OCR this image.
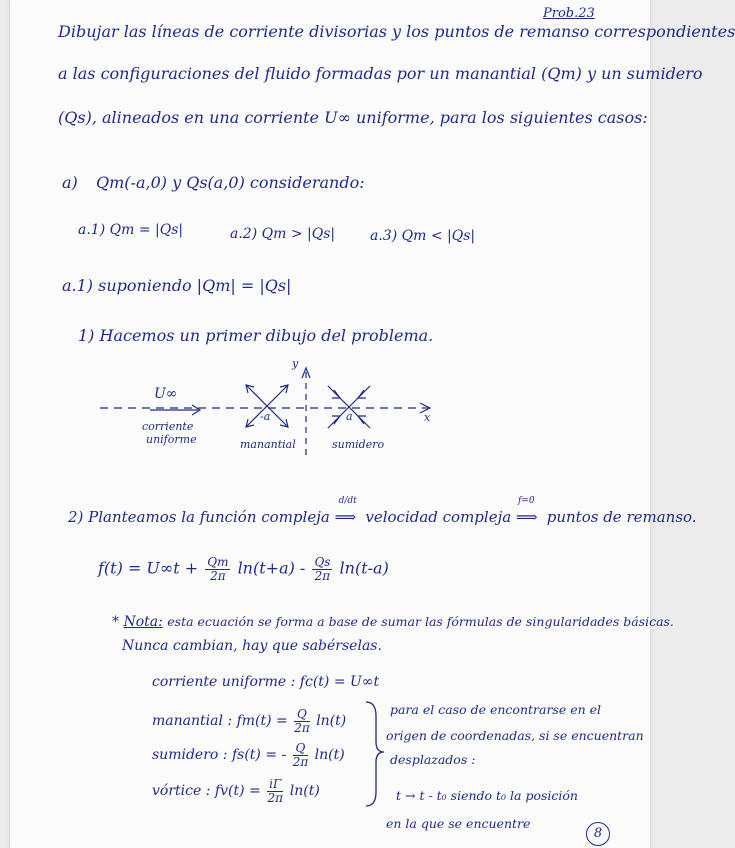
Prob.23
Dibujar las líneas de corriente divisorias y los puntos de remanso correspondientes
a las configuraciones del fluido formadas por un manantial (Qm) y un sumidero
(Qs), alineados en una corriente U∞ uniforme, para los siguientes casos:
a) Qm(-a,0) y Qs(a,0) considerando:
a.1) Qm = |Qs|	a.2) Qm > |Qs| a.3) Qm < |Qs|
a.1) suponiendo |Qm| = |Qs|
1) Hacemos un primer dibujo del problema.
U∞
corriente
uniforme
-a	a
manantial	sumidero
y
x
2) Planteamos la función compleja
d/dt
⟹ velocidad compleja
f=0
⟹ puntos de remanso.
$f(t) = U\infty t + \frac{Qm}{2\pi} \ln(t+a) - \frac{Qs}{2\pi} \ln(t-a)$
* Nota: esta ecuación se forma a base de sumar las fórmulas de singularidades básicas.
Nunca cambian, hay que sabérselas.
corriente uniforme : fc(t) = U∞t
manantial : $fm(t) = \frac{Q}{2\pi} \ln(t)$
sumidero : fs(t) = - $\frac{Q}{2\pi} \ln(t)$
vórtice : $fv(t) = \frac{i\Gamma}{2\pi} \ln(t)$
para el caso de encontrarse en el
origen de coordenadas, si se encuentran
desplazados :
t → t - t₀ siendo t₀ la posición
en la que se encuentre
8
